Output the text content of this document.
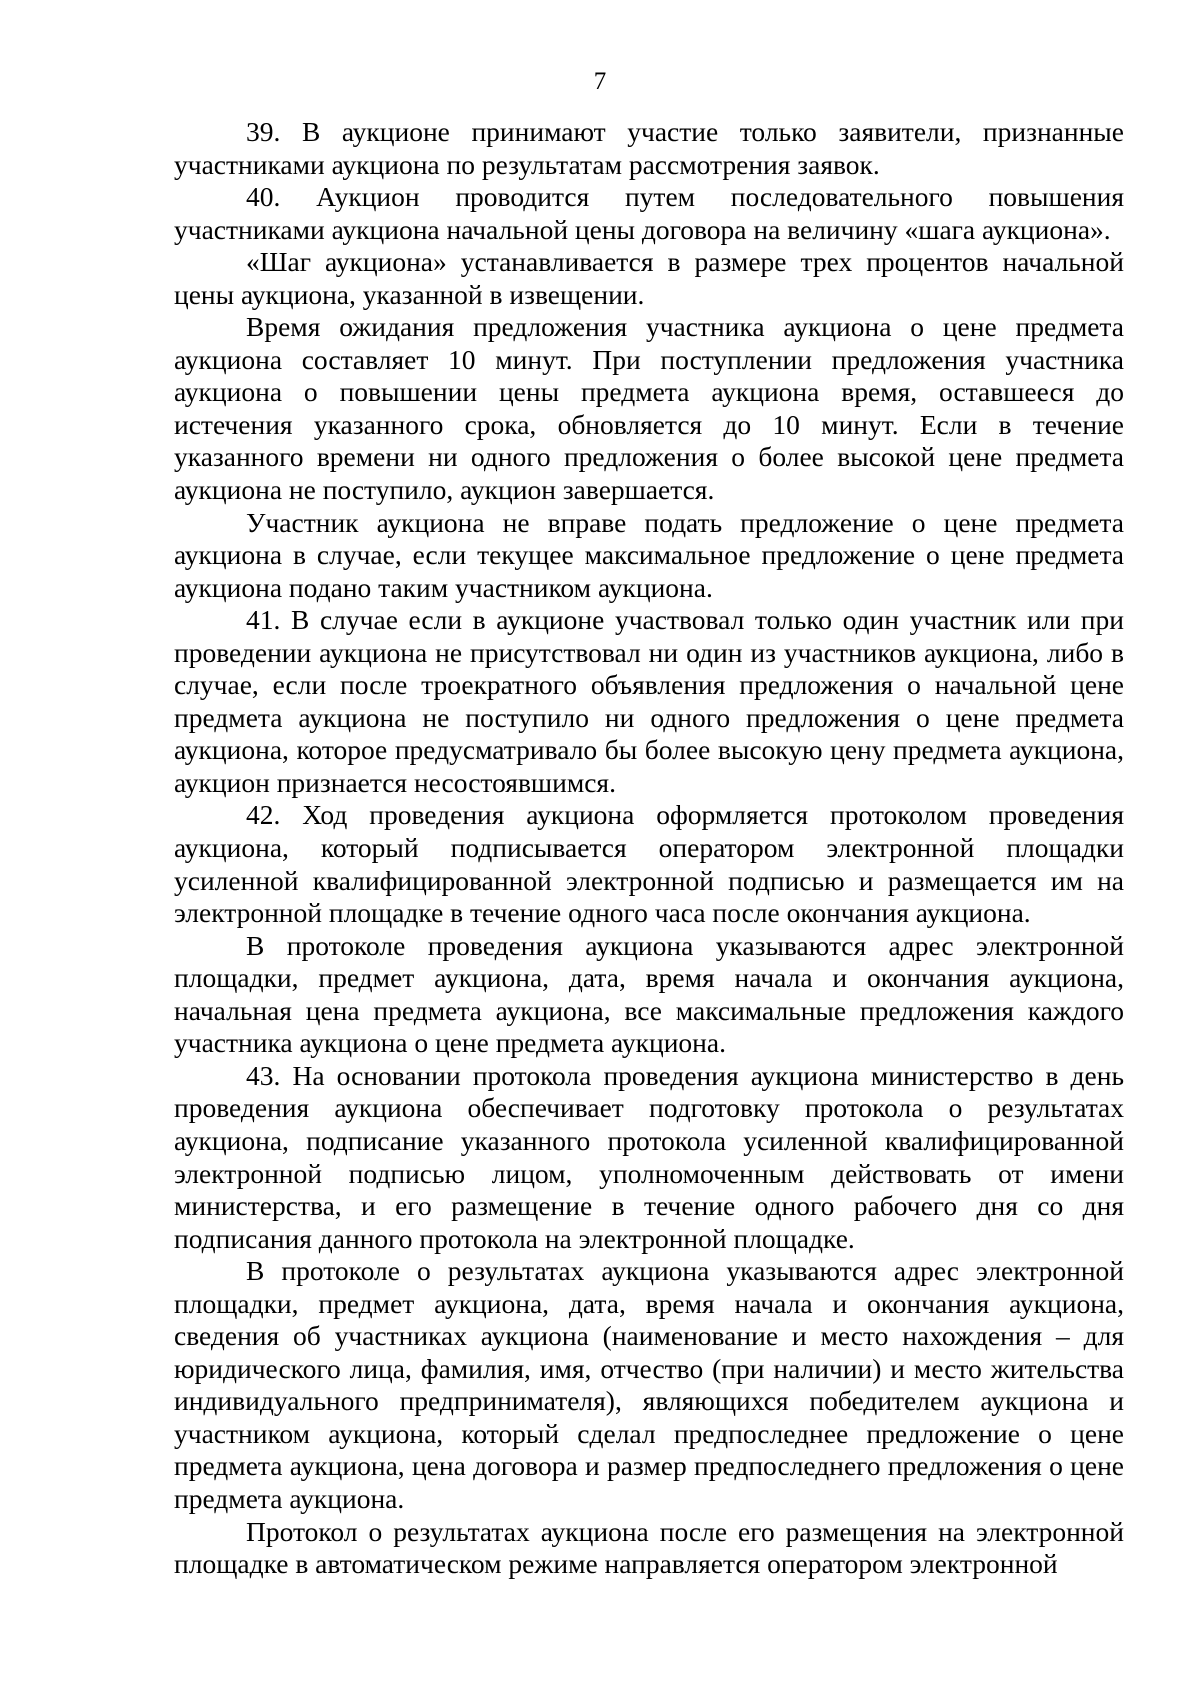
7

39. В аукционе принимают участие только заявители, признанные участниками аукциона по результатам рассмотрения заявок.

40. Аукцион проводится путем последовательного повышения участниками аукциона начальной цены договора на величину «шага аукциона».

«Шаг аукциона» устанавливается в размере трех процентов начальной цены аукциона, указанной в извещении.

Время ожидания предложения участника аукциона о цене предмета аукциона составляет 10 минут. При поступлении предложения участника аукциона о повышении цены предмета аукциона время, оставшееся до истечения указанного срока, обновляется до 10 минут. Если в течение указанного времени ни одного предложения о более высокой цене предмета аукциона не поступило, аукцион завершается.

Участник аукциона не вправе подать предложение о цене предмета аукциона в случае, если текущее максимальное предложение о цене предмета аукциона подано таким участником аукциона.

41. В случае если в аукционе участвовал только один участник или при проведении аукциона не присутствовал ни один из участников аукциона, либо в случае, если после троекратного объявления предложения о начальной цене предмета аукциона не поступило ни одного предложения о цене предмета аукциона, которое предусматривало бы более высокую цену предмета аукциона, аукцион признается несостоявшимся.

42. Ход проведения аукциона оформляется протоколом проведения аукциона, который подписывается оператором электронной площадки усиленной квалифицированной электронной подписью и размещается им на электронной площадке в течение одного часа после окончания аукциона.

В протоколе проведения аукциона указываются адрес электронной площадки, предмет аукциона, дата, время начала и окончания аукциона, начальная цена предмета аукциона, все максимальные предложения каждого участника аукциона о цене предмета аукциона.

43. На основании протокола проведения аукциона министерство в день проведения аукциона обеспечивает подготовку протокола о результатах аукциона, подписание указанного протокола усиленной квалифицированной электронной подписью лицом, уполномоченным действовать от имени министерства, и его размещение в течение одного рабочего дня со дня подписания данного протокола на электронной площадке.

В протоколе о результатах аукциона указываются адрес электронной площадки, предмет аукциона, дата, время начала и окончания аукциона, сведения об участниках аукциона (наименование и место нахождения – для юридического лица, фамилия, имя, отчество (при наличии) и место жительства индивидуального предпринимателя), являющихся победителем аукциона и участником аукциона, который сделал предпоследнее предложение о цене предмета аукциона, цена договора и размер предпоследнего предложения о цене предмета аукциона.

Протокол о результатах аукциона после его размещения на электронной площадке в автоматическом режиме направляется оператором электронной
